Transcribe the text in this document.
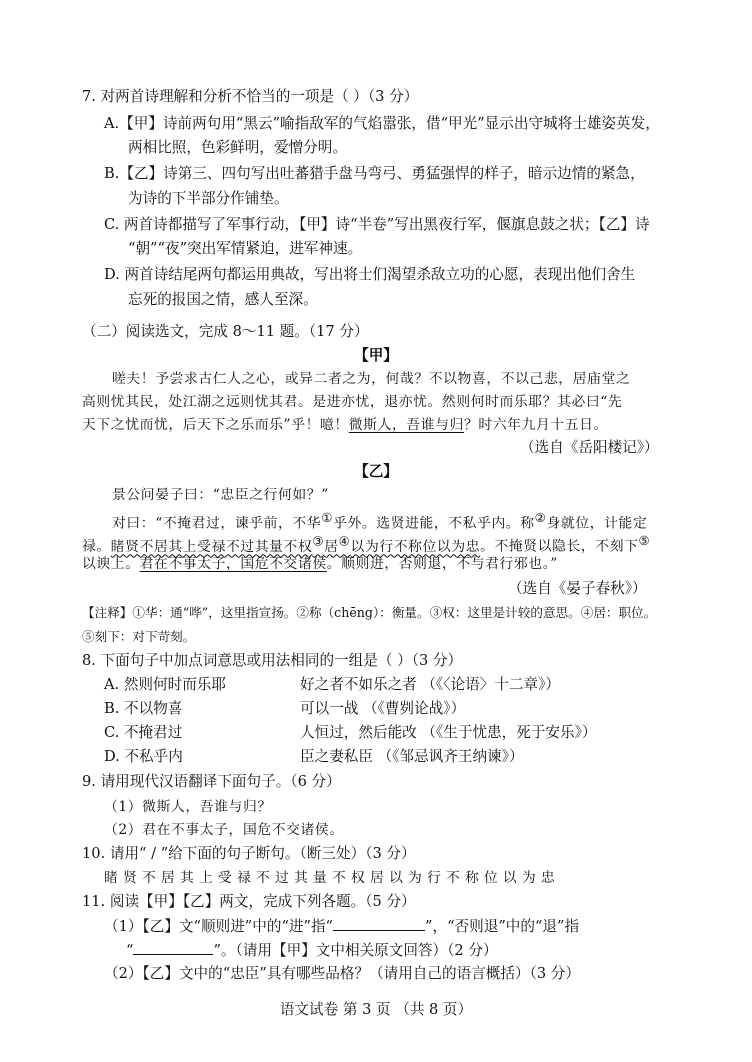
7. 对两首诗理解和分析不恰当的一项是（ ）（3 分）
A.【甲】诗前两句用“黑云”喻指敌军的气焰嚣张，借“甲光”显示出守城将士雄姿英发，
两相比照，色彩鲜明，爱憎分明。
B.【乙】诗第三、四句写出吐蕃猎手盘马弯弓、勇猛强悍的样子，暗示边情的紧急，
为诗的下半部分作铺垫。
C. 两首诗都描写了军事行动，【甲】诗“半卷”写出黑夜行军，偃旗息鼓之状；【乙】诗
“朝”“夜”突出军情紧迫，进军神速。
D. 两首诗结尾两句都运用典故，写出将士们渴望杀敌立功的心愿，表现出他们舍生
忘死的报国之情，感人至深。
（二）阅读选文，完成 8～11 题。（17 分）
【甲】
嗟夫！予尝求古仁人之心，或异二者之为，何哉？不以物喜，不以己悲，居庙堂之
高则忧其民，处江湖之远则忧其君。是进亦忧，退亦忧。然则何时而乐耶？其必曰“先
天下之忧而忧，后天下之乐而乐”乎！噫！微斯人，吾谁与归？时六年九月十五日。
（选自《岳阳楼记》）
【乙】
景公问晏子曰：“忠臣之行何如？”
对曰：“不掩君过，谏乎前，不华①乎外。选贤进能，不私乎内。称②身就位，计能定
禄。睹贤不居其上受禄不过其量不权③居④以为行不称位以为忠。不掩贤以隐长，不刻下⑤
以谀上。君在不事太子，国危不交诸侯。顺则进，否则退，不与君行邪也。”
（选自《晏子春秋》）
【注释】①华：通“哗”，这里指宣扬。②称（chēng）：衡量。③权：这里是计较的意思。④居：职位。
⑤刻下：对下苛刻。
8. 下面句子中加点词意思或用法相同的一组是（ ）（3 分）
A. 然则何时而乐耶	好之者不如乐之者 （《〈论语〉十二章》）
B. 不以物喜	可以一战 （《曹刿论战》）
C. 不掩君过	人恒过，然后能改 （《生于忧患，死于安乐》）
D. 不私乎内	臣之妻私臣 （《邹忌讽齐王纳谏》）
9. 请用现代汉语翻译下面句子。（6 分）
（1）微斯人，吾谁与归？
（2）君在不事太子，国危不交诸侯。
10. 请用“ / ”给下面的句子断句。（断三处）（3 分）
睹贤不居其上受禄不过其量不权居以为行不称位以为忠
11. 阅读【甲】【乙】两文，完成下列各题。（5 分）
（1）【乙】文“顺则进”中的“进”指“	”，“否则退”中的“退”指
“	”。（请用【甲】文中相关原文回答）（2 分）
（2）【乙】文中的“忠臣”具有哪些品格？（请用自己的语言概括）（3 分）
语文试卷 第 3 页 （共 8 页）
